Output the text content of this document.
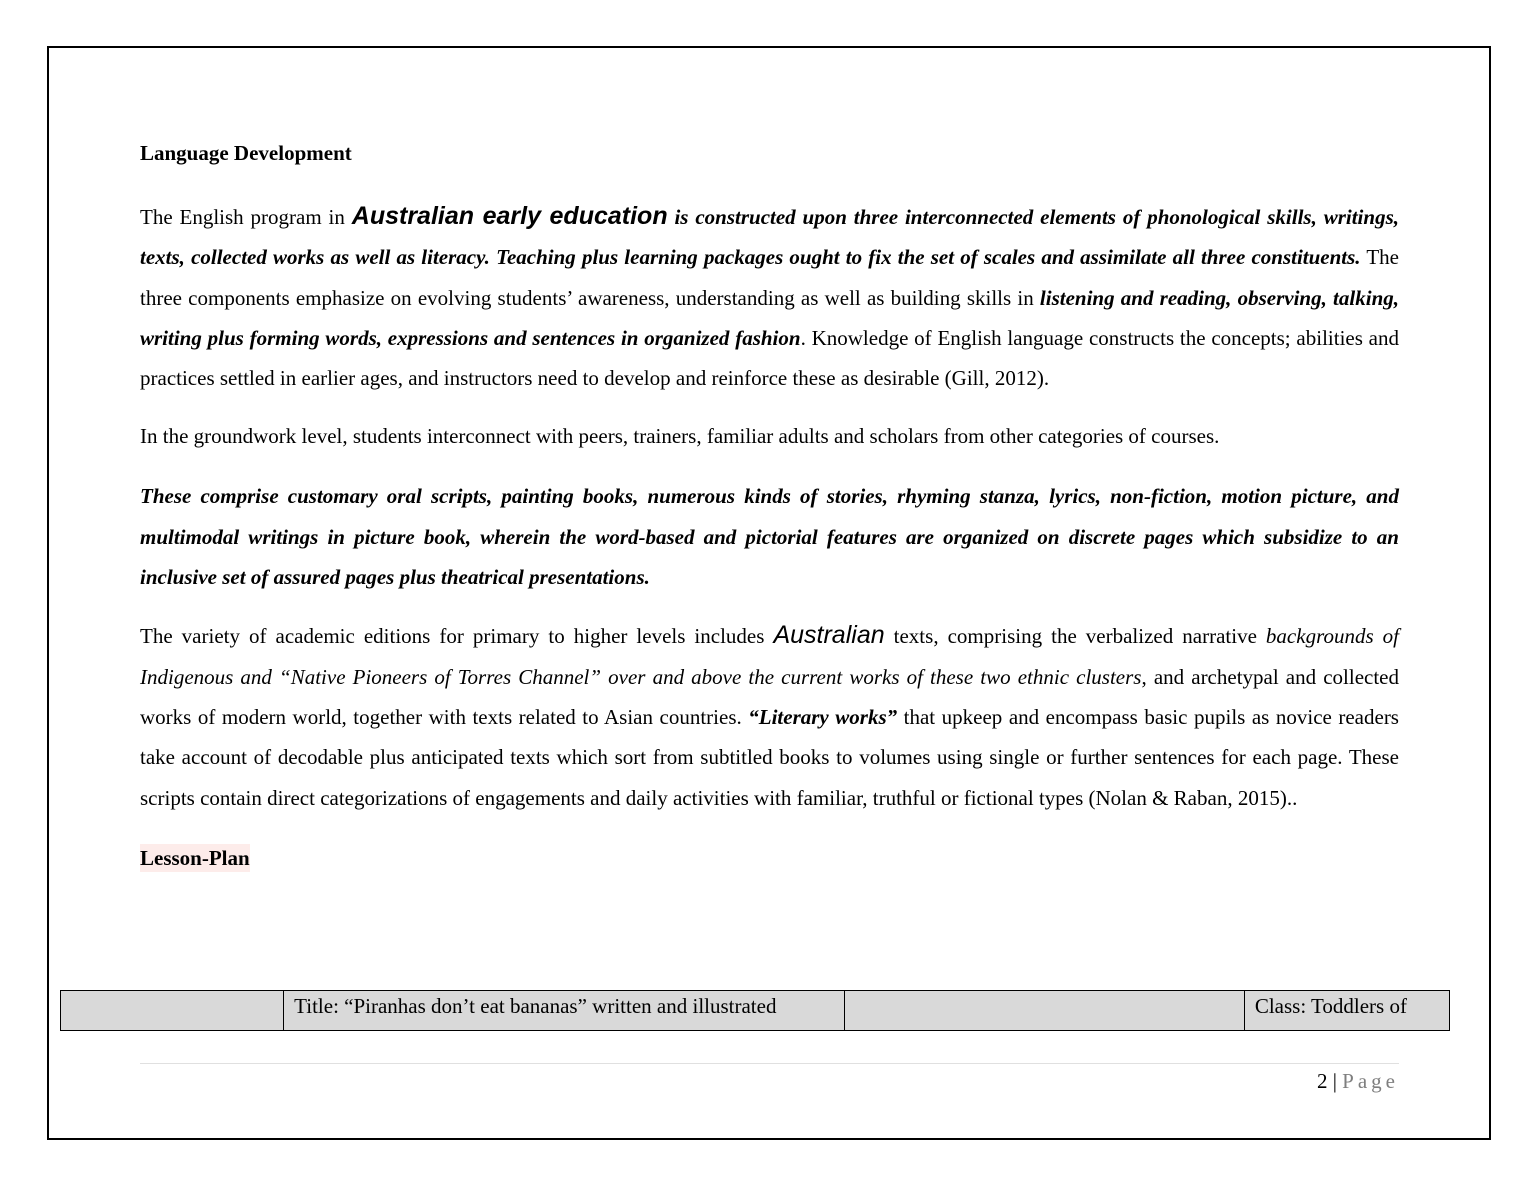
Language Development

The English program in Australian early education is constructed upon three interconnected elements of phonological skills, writings, texts, collected works as well as literacy. Teaching plus learning packages ought to fix the set of scales and assimilate all three constituents. The three components emphasize on evolving students’ awareness, understanding as well as building skills in listening and reading, observing, talking, writing plus forming words, expressions and sentences in organized fashion. Knowledge of English language constructs the concepts; abilities and practices settled in earlier ages, and instructors need to develop and reinforce these as desirable (Gill, 2012).

In the groundwork level, students interconnect with peers, trainers, familiar adults and scholars from other categories of courses.

These comprise customary oral scripts, painting books, numerous kinds of stories, rhyming stanza, lyrics, non-fiction, motion picture, and multimodal writings in picture book, wherein the word-based and pictorial features are organized on discrete pages which subsidize to an inclusive set of assured pages plus theatrical presentations.

The variety of academic editions for primary to higher levels includes Australian texts, comprising the verbalized narrative backgrounds of Indigenous and “Native Pioneers of Torres Channel” over and above the current works of these two ethnic clusters, and archetypal and collected works of modern world, together with texts related to Asian countries. “Literary works” that upkeep and encompass basic pupils as novice readers take account of decodable plus anticipated texts which sort from subtitled books to volumes using single or further sentences for each page. These scripts contain direct categorizations of engagements and daily activities with familiar, truthful or fictional types (Nolan & Raban, 2015)..

Lesson-Plan
	Title: “Piranhas don’t eat bananas” written and illustrated		Class: Toddlers of
2 | Page
